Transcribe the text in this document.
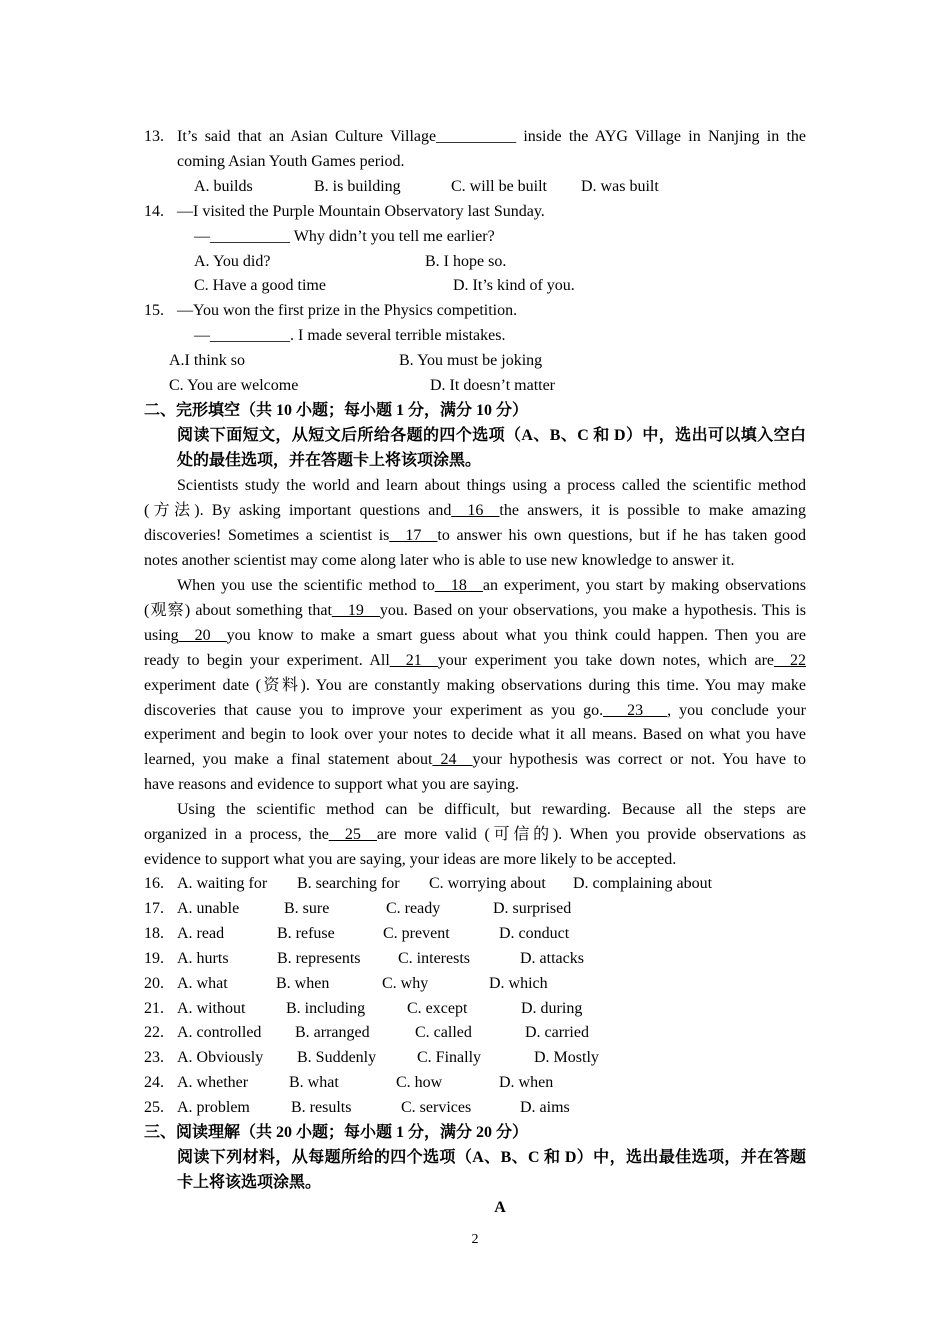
13. It’s said that an Asian Culture Village__________ inside the AYG Village in Nanjing in the
coming Asian Youth Games period.
A. builds	B. is building	C. will be built D. was built
14. —I visited the Purple Mountain Observatory last Sunday.
—__________ Why didn’t you tell me earlier?
A. You did?	B. I hope so.
C. Have a good time	D. It’s kind of you.
15. —You won the first prize in the Physics competition.
—__________. I made several terrible mistakes.
A.I think so	B. You must be joking
C. You are welcome	D. It doesn’t matter
二、完形填空（共 10 小题；每小题 1 分，满分 10 分）
阅读下面短文，从短文后所给各题的四个选项（A、B、C 和 D）中，选出可以填入空白
处的最佳选项，并在答题卡上将该项涂黑。
Scientists study the world and learn about things using a process called the scientific method
(方法). By asking important questions and__16__the answers, it is possible to make amazing
discoveries! Sometimes a scientist is__17__to answer his own questions, but if he has taken good
notes another scientist may come along later who is able to use new knowledge to answer it.
When you use the scientific method to__18__an experiment, you start by making observations
(观察) about something that__19__you. Based on your observations, you make a hypothesis. This is
using__20__you know to make a smart guess about what you think could happen. Then you are
ready to begin your experiment. All__21__your experiment you take down notes, which are__22
experiment date (资料). You are constantly making observations during this time. You may make
discoveries that cause you to improve your experiment as you go.___23___, you conclude your
experiment and begin to look over your notes to decide what it all means. Based on what you have
learned, you make a final statement about_24__your hypothesis was correct or not. You have to
have reasons and evidence to support what you are saying.
Using the scientific method can be difficult, but rewarding. Because all the steps are
organized in a process, the__25__are more valid (可信的). When you provide observations as
evidence to support what you are saying, your ideas are more likely to be accepted.
16. A. waiting for B. searching for C. worrying about D. complaining about
17. A. unable	B. sure	C. ready	D. surprised
18. A. read	B. refuse	C. prevent	D. conduct
19. A. hurts	B. represents C. interests	D. attacks
20. A. what	B. when	C. why	D. which
21. A. without	B. including	C. except	D. during
22. A. controlled B. arranged	C. called	D. carried
23. A. Obviously B. Suddenly	C. Finally	D. Mostly
24. A. whether	B. what	C. how	D. when
25. A. problem	B. results	C. services	D. aims
三、阅读理解（共 20 小题；每小题 1 分，满分 20 分）
阅读下列材料，从每题所给的四个选项（A、B、C 和 D）中，选出最佳选项，并在答题
卡上将该选项涂黑。
A
2
